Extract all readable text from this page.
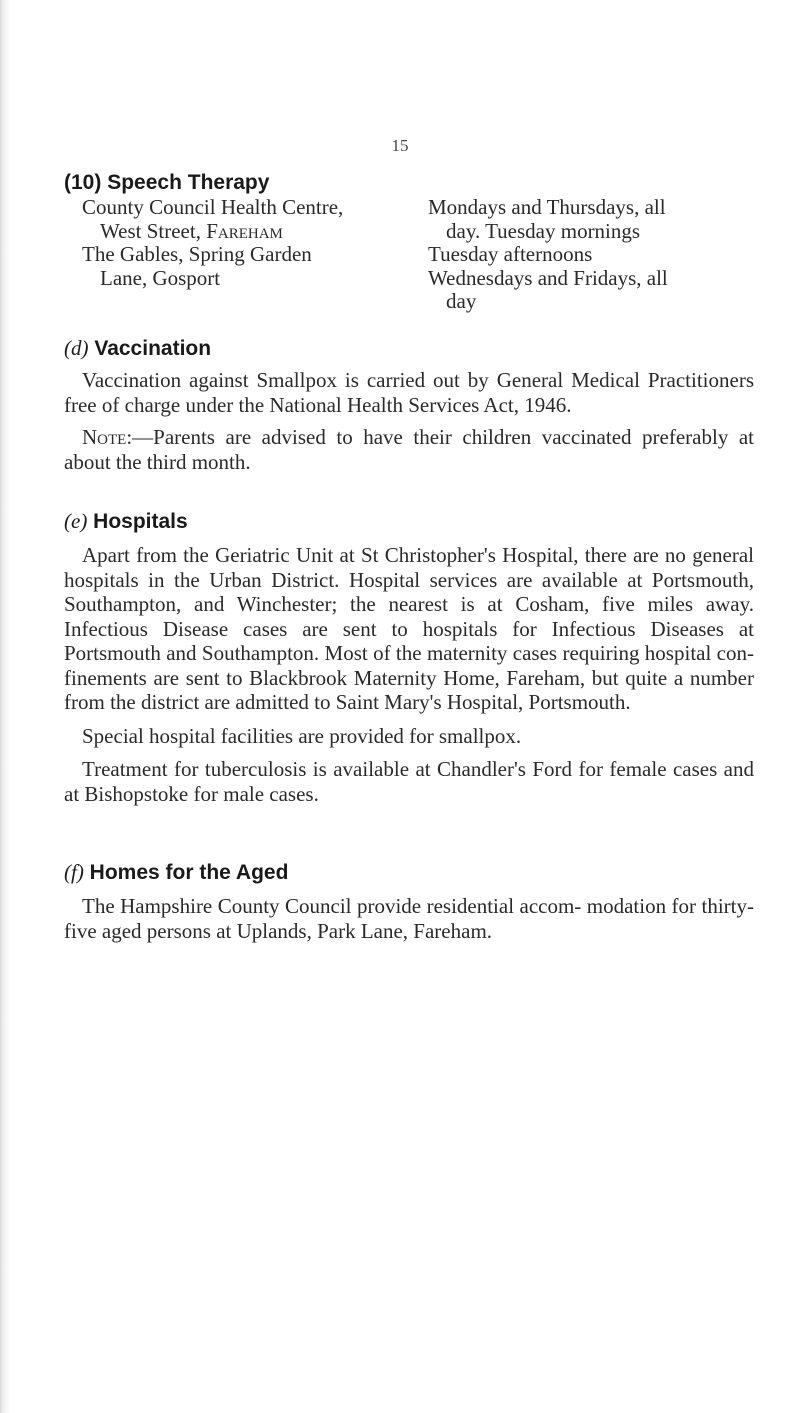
15
(10) Speech Therapy
County Council Health Centre,
West Street, Fareham
Mondays and Thursdays, all
day. Tuesday mornings
The Gables, Spring Garden
Lane, Gosport
Tuesday afternoons
Wednesdays and Fridays, all
day
(d) Vaccination
Vaccination against Smallpox is carried out by General Medical Practitioners free of charge under the National Health Services Act, 1946.
Note:—Parents are advised to have their children vaccinated preferably at about the third month.
(e) Hospitals
Apart from the Geriatric Unit at St Christopher's Hospital, there are no general hospitals in the Urban District. Hospital services are available at Portsmouth, Southampton, and Winchester; the nearest is at Cosham, five miles away. Infectious Disease cases are sent to hospitals for Infectious Diseases at Portsmouth and Southampton. Most of the maternity cases requiring hospital con- finements are sent to Blackbrook Maternity Home, Fareham, but quite a number from the district are admitted to Saint Mary's Hospital, Portsmouth.
Special hospital facilities are provided for smallpox.
Treatment for tuberculosis is available at Chandler's Ford for female cases and at Bishopstoke for male cases.
(f) Homes for the Aged
The Hampshire County Council provide residential accom- modation for thirty-five aged persons at Uplands, Park Lane, Fareham.
